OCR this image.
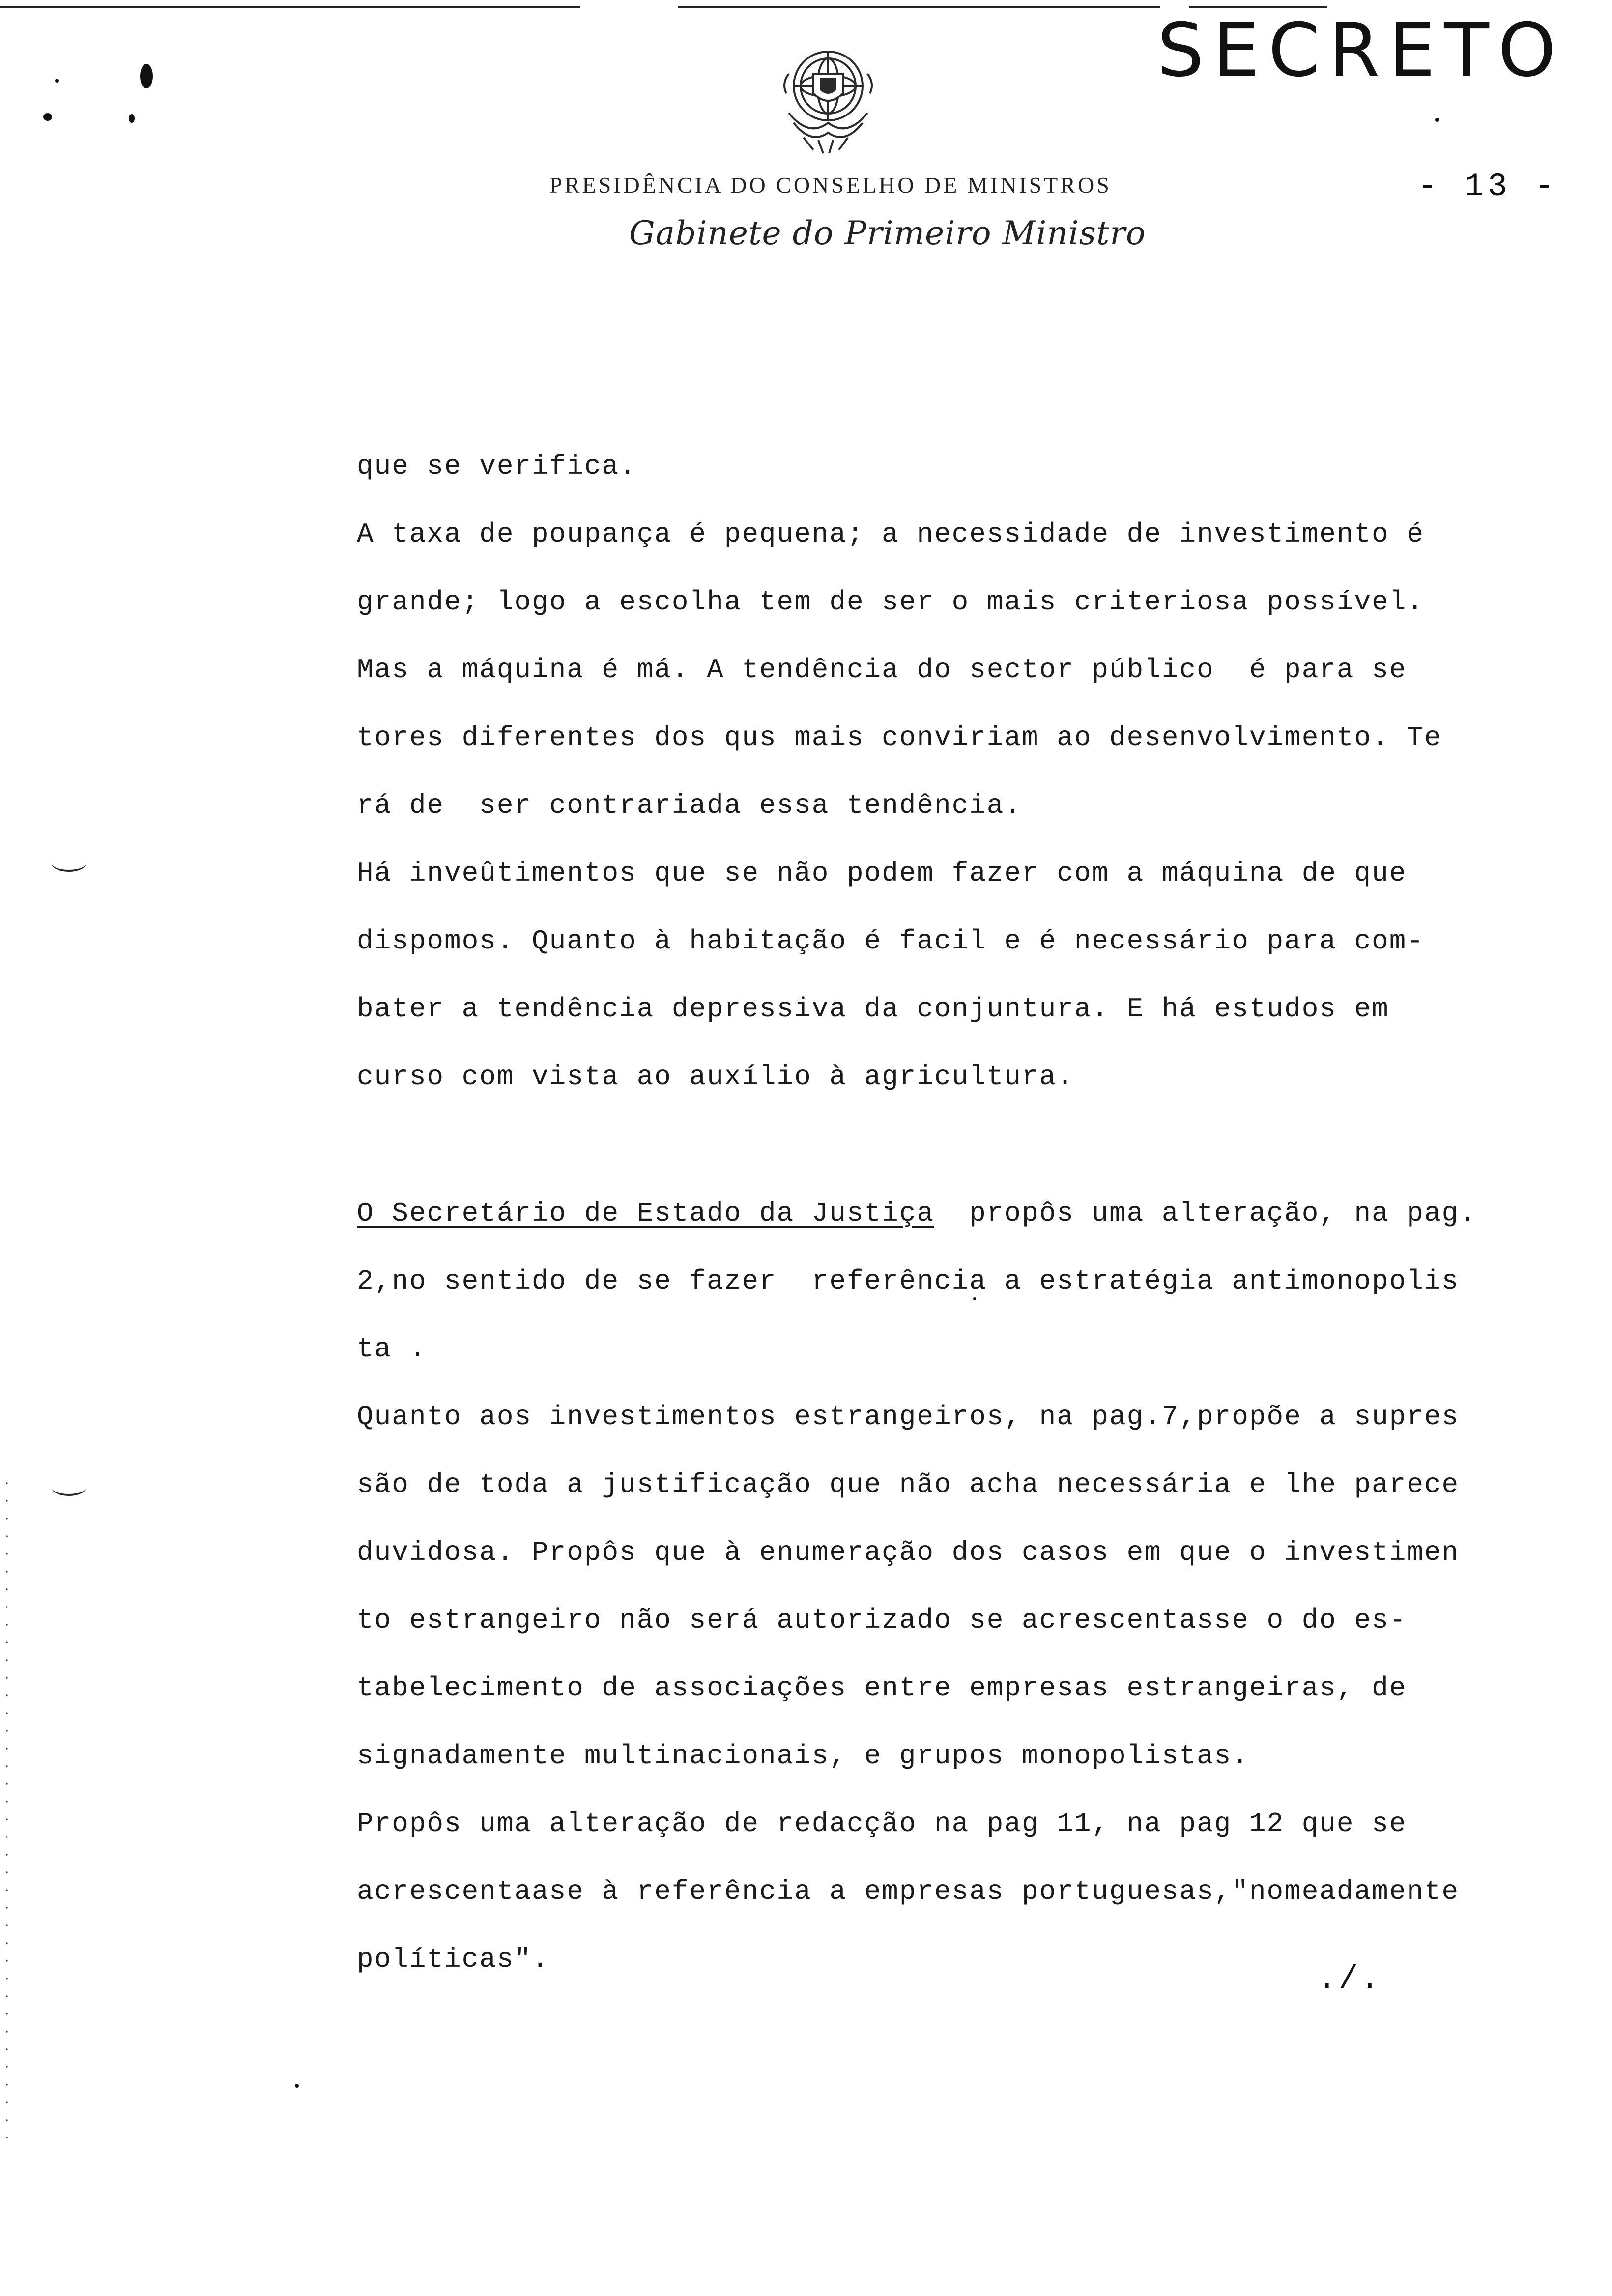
SECRETO
PRESIDÊNCIA DO CONSELHO DE MINISTROS
Gabinete do Primeiro Ministro
- 13 -
que se verifica.
A taxa de poupança é pequena; a necessidade de investimento é
grande; logo a escolha tem de ser o mais criteriosa possível.
Mas a máquina é má. A tendência do sector público  é para se
tores diferentes dos qus mais conviriam ao desenvolvimento. Te
rá de  ser contrariada essa tendência.
Há inveûtimentos que se não podem fazer com a máquina de que
dispomos. Quanto à habitação é facil e é necessário para com-
bater a tendência depressiva da conjuntura. E há estudos em
curso com vista ao auxílio à agricultura.
O Secretário de Estado da Justiça  propôs uma alteração, na pag.
2,no sentido de se fazer  referência a estratégia antimonopolis
ta .
Quanto aos investimentos estrangeiros, na pag.7,propõe a supres
são de toda a justificação que não acha necessária e lhe parece
duvidosa. Propôs que à enumeração dos casos em que o investimen
to estrangeiro não será autorizado se acrescentasse o do es-
tabelecimento de associações entre empresas estrangeiras, de
signadamente multinacionais, e grupos monopolistas.
Propôs uma alteração de redacção na pag 11, na pag 12 que se
acrescentaase à referência a empresas portuguesas,"nomeadamente
políticas".
./.
